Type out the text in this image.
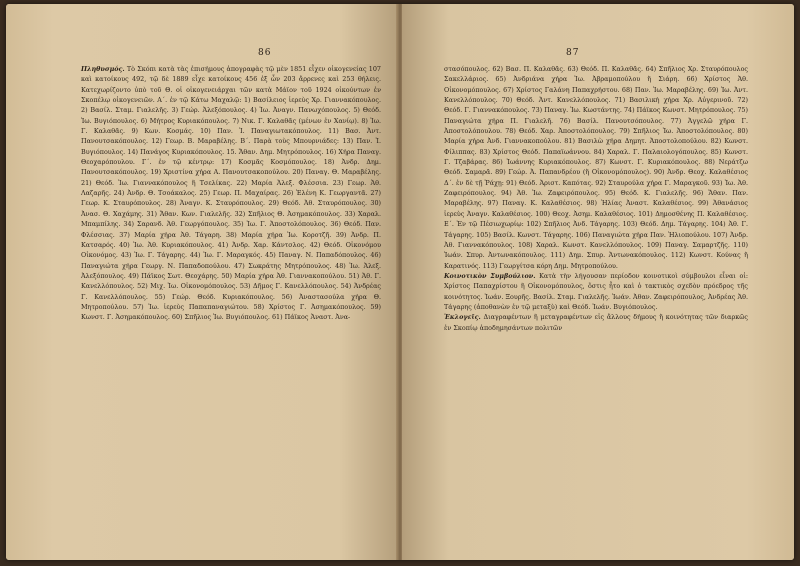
86
Πληθυσμός. Τὸ Σκόπι κατὰ τὰς ἐπισήμους ἀπογραφὰς τῷ μὲν 1851 εἶχεν οἰκογενείας 107 καὶ κατοίκους 492, τῷ δὲ 1889 εἶχε κατοίκους 456 ἐξ ὧν 203 ἄρρενες καὶ 253 θήλεις. Κατεχωρίζοντο ὑπὸ τοῦ Θ. οἱ οἰκογενειάρχαι τῶν κατὰ Μάϊον τοῦ 1924 οἰκούντων ἐν Σκοπέλῳ οἰκογενειῶν. Α΄. ἐν τῷ Κάτω Μαχαλῷ: 1) Βασίλειος ἱερεὺς Χρ. Γιαννακόπουλος. 2) Βασίλ. Σταμ. Γιαλελῆς. 3) Γεώρ. Ἀλεξόπουλος. 4) Ἰω. Ἀναγν. Πανωχόπουλος. 5) Θεόδ. Ἰω. Βυγιόπουλος. 6) Μήτρος Κυριακόπουλος. 7) Νικ. Γ. Καλαθᾶς (μένων ἐν Χανίῳ). 8) Ἰω. Γ. Καλαθᾶς. 9) Κων. Κοσμάς. 10) Παν. Ἰ. Παναγιωτακόπουλος. 11) Βασ. Ἀντ. Πανουτσακόπουλος. 12) Γεωρ. Β. Μαραβέλης. Β΄. Παρὰ τοὺς Μπουρνιάδες: 13) Παν. Ἰ. Βυγιόπουλος. 14) Πανάγος Κυριακόπουλος. 15. Ἄθαν. Δημ. Μητρόπουλος. 16) Χήρα Παναγ. Θεοχαρόπουλου. Γ΄. ἐν τῷ κέντρῳ: 17) Κοσμᾶς Κοσμόπουλος. 18) Ἀνδρ. Δημ. Πανουτσακόπουλος. 19) Χριστίνα χήρα Α. Πανουτσακοπούλου. 20) Παναγ. Θ. Μαραβέλης. 21) Θεόδ. Ἰω. Γιαννακόπουλος ἢ Τσελίκας. 22) Μαρία Ἀλεξ. Φλέσσια. 23) Γεωρ. Ἀθ. Λαζαρῆς. 24) Ἀνδρ. Θ. Τσοάκαλος. 25) Γεωρ. Π. Μαχαίρας. 26) Ἑλένη Κ. Γεωργαντᾶ. 27) Γεωρ. Κ. Σταυρόπουλος. 28) Ἀναγν. Κ. Σταυρόπουλος. 29) Θεόδ. Ἀθ. Σταυρόπουλος. 30) Ἀνασ. Θ. Χαχάμης. 31) Ἄθαν. Κων. Γιαλελῆς. 32) Σπῆλιος Θ. Ἀσημακόπουλος. 33) Χαραλ. Μπαμπίλης. 34) Σαρανδ. Ἀθ. Γεωργόπουλος. 35) Ἰω. Γ. Ἀποστολόπουλος. 36) Θεόδ. Παν. Φλέσσιας. 37) Μαρία χήρα Ἀθ. Τάγαρη. 38) Μαρία χήρα Ἰω. Κοροτζῆ. 39) Ἀνδρ. Π. Κατσαρός. 40) Ἰω. Ἀθ. Κυριακόπουλος. 41) Ἀνδρ. Χαρ. Κάντσλος. 42) Θεόδ. Οἰκονόμου Οἰκονόμος. 43) Ἰω. Γ. Τάγαρης. 44) Ἰω. Γ. Μαραγκός. 45) Παναγ. Ν. Παπαδόπουλος. 46) Παναγιώτα χήρα Γεωργ. Ν. Παπαδοπούλου. 47) Σωκράτης Μητρόπουλος. 48) Ἰω. Ἀλεξ. Ἀλεξόπουλος. 49) Πάϊκος Σωτ. Θεοχάρης. 50) Μαρία χήρα Ἀθ. Γιαννακοπούλου. 51) Ἀθ. Γ. Κανελλόπουλος. 52) Μιχ. Ἰω. Οἰκονομόπουλος. 53) Δῆμος Γ. Κανελλόπουλος. 54) Ἀνδρέας Γ. Κανελλόπουλος. 55) Γεώρ. Θεόδ. Κυριακόπουλος. 56) Ἀναστασούλα χήρα Θ. Μητροπούλου. 57) Ἰω. ἱερεὺς Παπαπαναγιώτου. 58) Χρίστος Γ. Ἀσημακόπουλος. 59) Κωνστ. Γ. Ἀσημακόπουλος. 60) Σπῆλιος Ἰω. Βυγιόπουλος. 61) Πάϊκος Ἀναστ. Ἀνα-
87
στασόπουλος. 62) Βασ. Π. Καλαθᾶς. 63) Θεόδ. Π. Καλαθᾶς. 64) Σπῆλιος Χρ. Σταυρόπουλος Σακελλάριος. 65) Ἀνδριάνα χήρα Ἰω. Ἀβραμοπούλου ἢ Σιάρη. 66) Χρίστος Ἀθ. Οἰκονομόπουλος. 67) Χρίστος Γαλάνη Παπαχρήστου. 68) Παν. Ἰω. Μαραβέλης. 69) Ἰω. Ἀντ. Κανελλόπουλος. 70) Θεόδ. Ἀντ. Κανελλόπουλος. 71) Βασιλικὴ χήρα Χρ. Αὐγερινοῦ. 72) Θεόδ. Γ. Γιαννακόπουλος. 73) Παναγ. Ἰω. Κωστάντης. 74) Πάϊκος Κωνστ. Μητρόπουλος. 75) Παναγιώτα χήρα Π. Γιαλελῆ. 76) Βασίλ. Πανουτσόπουλος. 77) Ἀγγελῶ χήρα Γ. Ἀποστολόπουλου. 78) Θεόδ. Χαρ. Ἀποστολόπουλος. 79) Σπῆλιος Ἰω. Ἀποστολόπουλος. 80) Μαρία χήρα Ἀνδ. Γιαννακοπούλου. 81) Βασιλὼ χήρα Δημητ. Ἀποστολοπούλου. 82) Κωνστ. Φίλιππας. 83) Χρίστος Θεόδ. Παπαϊωάννου. 84) Χαραλ. Γ. Παλαιολογόπουλος. 85) Κωνστ. Γ. Τζαβάρας. 86) Ἰωάννης Κυριακόπουλος. 87) Κωνστ. Γ. Κυριακόπουλος. 88) Νεράτζω Θεόδ. Σαμαρᾶ. 89) Γεώρ. Ἀ. Παπανδρέου (ἢ Οἰκονομόπουλος). 90) Ἀνδρ. Θεοχ. Καλαθέσιος Δ΄. ἐν δὲ τῇ Ῥάχῃ: 91) Θεόδ. Ἀριστ. Καπότας. 92) Σταυρούλα χήρα Γ. Μαραγκοῦ. 93) Ἰω. Ἀθ. Ζαφειρόπουλος. 94) Ἀθ. Ἰω. Ζαφειρόπουλος. 95) Θεόδ. Κ. Γιαλελῆς. 96) Ἄθαν. Παν. Μαραβέλης. 97) Παναγ. Κ. Καλαθέσιος. 98) Ἠλίας Ἀναστ. Καλαθέσιος. 99) Ἀθανάσιος ἱερεὺς Ἀναγν. Καλαθέσιος. 100) Θεοχ. Ἀσημ. Καλαθέσιος. 101) Δημοσθένης Π. Καλαθέσιος. Ε΄. Ἐν τῷ Πέσιωχωρίῳ: 102) Σπῆλιος Ἀνδ. Τάγαρης. 103) Θεόδ. Δημ. Τάγαρης. 104) Ἀθ. Γ. Τάγαρης. 105) Βασίλ. Κωνστ. Τάγαρης. 106) Παναγιώτα χήρα Παν. Ἠλιοπούλου. 107) Ἀνδρ. Ἀθ. Γιαννακόπουλος. 108) Χαραλ. Κωνστ. Κανελλόπουλος. 109) Παναγ. Σαμαρτζῆς. 110) Ἰωάν. Σπυρ. Ἀντωνακόπουλος. 111) Δημ. Σπυρ. Ἀντωνακόπουλος. 112) Κωνστ. Κούνας ἢ Καρατινός. 113) Γεωργίτσα κόρη Δημ. Μητροπούλου.
Κοινοτικὸν Συμβούλιον. Κατὰ τὴν λήγουσαν περίοδον κοινοτικοὶ σύμβουλοι εἶναι οἱ: Χρίστος Παπαχρίστου ἢ Οἰκονομόπουλος, ὅστις ἦτο καὶ ὁ τακτικὸς σχεδὸν πρόεδρος τῆς κοινότητος. Ἰωάν. Ξουρῆς. Βασίλ. Σταμ. Γιαλελῆς. Ἰωάν. Ἀθαν. Ζαφειρόπουλος, Ἀνδρέας Ἀθ. Τάγαρης (ἀποθανὼν ἐν τῷ μεταξὺ) καὶ Θεόδ. Ἰωάν. Βυγιόπουλος.
Ἐκλογεῖς. Διαγραφέντων ἢ μεταγραφέντων εἰς ἄλλους δήμους ἢ κοινότητας τῶν διαρκῶς ἐν Σκοπίῳ ἀποδημησάντων πολιτῶν
